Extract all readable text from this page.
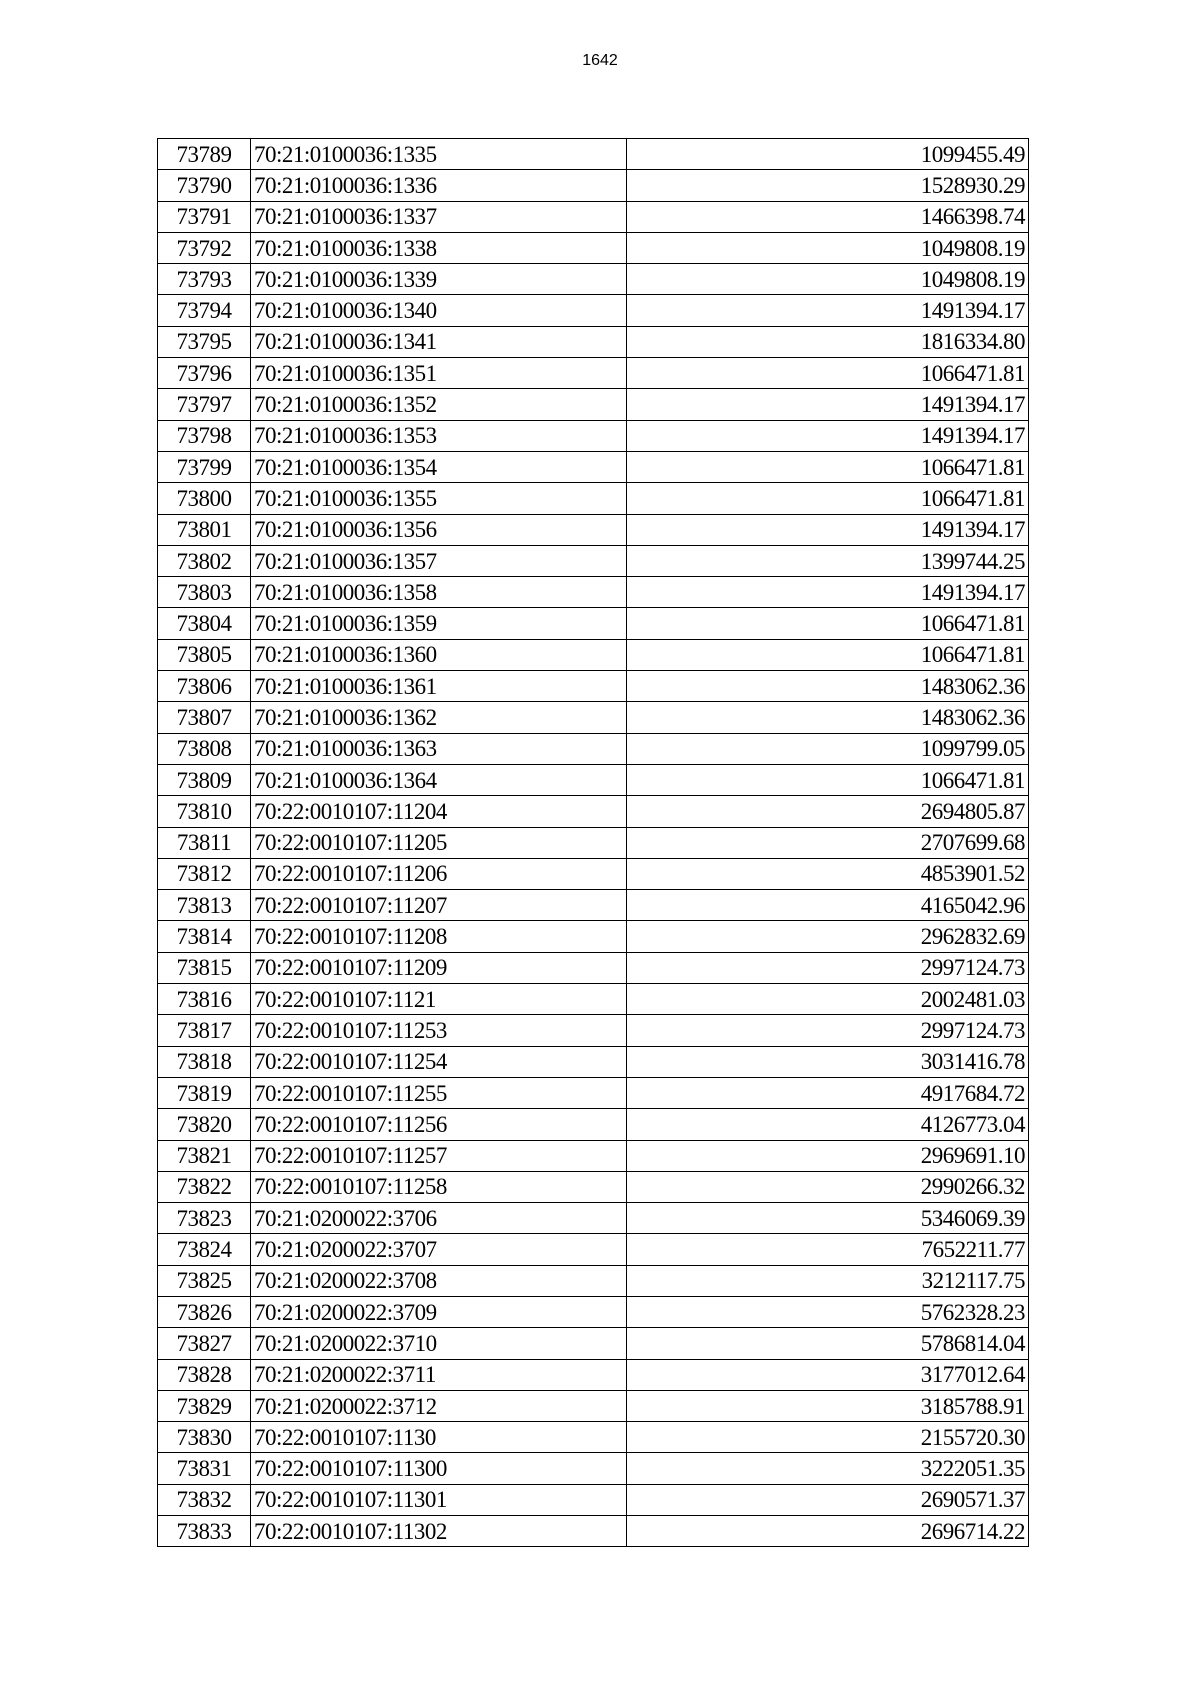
1642
73789	70:21:0100036:1335	1099455.49
73790	70:21:0100036:1336	1528930.29
73791	70:21:0100036:1337	1466398.74
73792	70:21:0100036:1338	1049808.19
73793	70:21:0100036:1339	1049808.19
73794	70:21:0100036:1340	1491394.17
73795	70:21:0100036:1341	1816334.80
73796	70:21:0100036:1351	1066471.81
73797	70:21:0100036:1352	1491394.17
73798	70:21:0100036:1353	1491394.17
73799	70:21:0100036:1354	1066471.81
73800	70:21:0100036:1355	1066471.81
73801	70:21:0100036:1356	1491394.17
73802	70:21:0100036:1357	1399744.25
73803	70:21:0100036:1358	1491394.17
73804	70:21:0100036:1359	1066471.81
73805	70:21:0100036:1360	1066471.81
73806	70:21:0100036:1361	1483062.36
73807	70:21:0100036:1362	1483062.36
73808	70:21:0100036:1363	1099799.05
73809	70:21:0100036:1364	1066471.81
73810	70:22:0010107:11204	2694805.87
73811	70:22:0010107:11205	2707699.68
73812	70:22:0010107:11206	4853901.52
73813	70:22:0010107:11207	4165042.96
73814	70:22:0010107:11208	2962832.69
73815	70:22:0010107:11209	2997124.73
73816	70:22:0010107:1121	2002481.03
73817	70:22:0010107:11253	2997124.73
73818	70:22:0010107:11254	3031416.78
73819	70:22:0010107:11255	4917684.72
73820	70:22:0010107:11256	4126773.04
73821	70:22:0010107:11257	2969691.10
73822	70:22:0010107:11258	2990266.32
73823	70:21:0200022:3706	5346069.39
73824	70:21:0200022:3707	7652211.77
73825	70:21:0200022:3708	3212117.75
73826	70:21:0200022:3709	5762328.23
73827	70:21:0200022:3710	5786814.04
73828	70:21:0200022:3711	3177012.64
73829	70:21:0200022:3712	3185788.91
73830	70:22:0010107:1130	2155720.30
73831	70:22:0010107:11300	3222051.35
73832	70:22:0010107:11301	2690571.37
73833	70:22:0010107:11302	2696714.22
